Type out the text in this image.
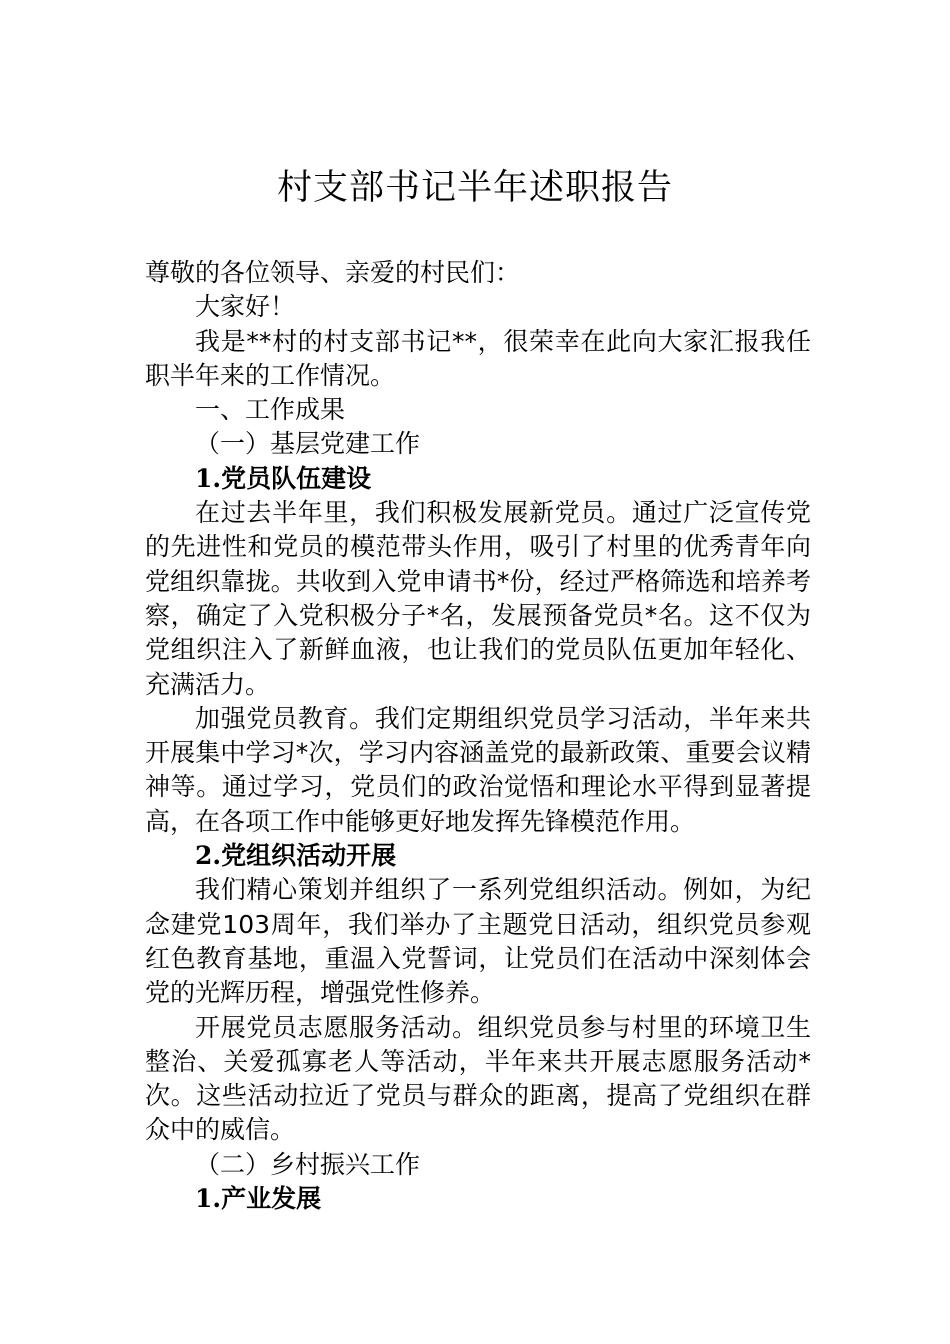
村支部书记半年述职报告

尊敬的各位领导、亲爱的村民们：

大家好！

我是**村的村支部书记**，很荣幸在此向大家汇报我任职半年来的工作情况。

一、工作成果

（一）基层党建工作

1.党员队伍建设

在过去半年里，我们积极发展新党员。通过广泛宣传党的先进性和党员的模范带头作用，吸引了村里的优秀青年向党组织靠拢。共收到入党申请书*份，经过严格筛选和培养考察，确定了入党积极分子*名，发展预备党员*名。这不仅为党组织注入了新鲜血液，也让我们的党员队伍更加年轻化、充满活力。

加强党员教育。我们定期组织党员学习活动，半年来共开展集中学习*次，学习内容涵盖党的最新政策、重要会议精神等。通过学习，党员们的政治觉悟和理论水平得到显著提高，在各项工作中能够更好地发挥先锋模范作用。

2.党组织活动开展

我们精心策划并组织了一系列党组织活动。例如，为纪念建党103周年，我们举办了主题党日活动，组织党员参观红色教育基地，重温入党誓词，让党员们在活动中深刻体会党的光辉历程，增强党性修养。

开展党员志愿服务活动。组织党员参与村里的环境卫生整治、关爱孤寡老人等活动，半年来共开展志愿服务活动*次。这些活动拉近了党员与群众的距离，提高了党组织在群众中的威信。

（二）乡村振兴工作

1.产业发展
